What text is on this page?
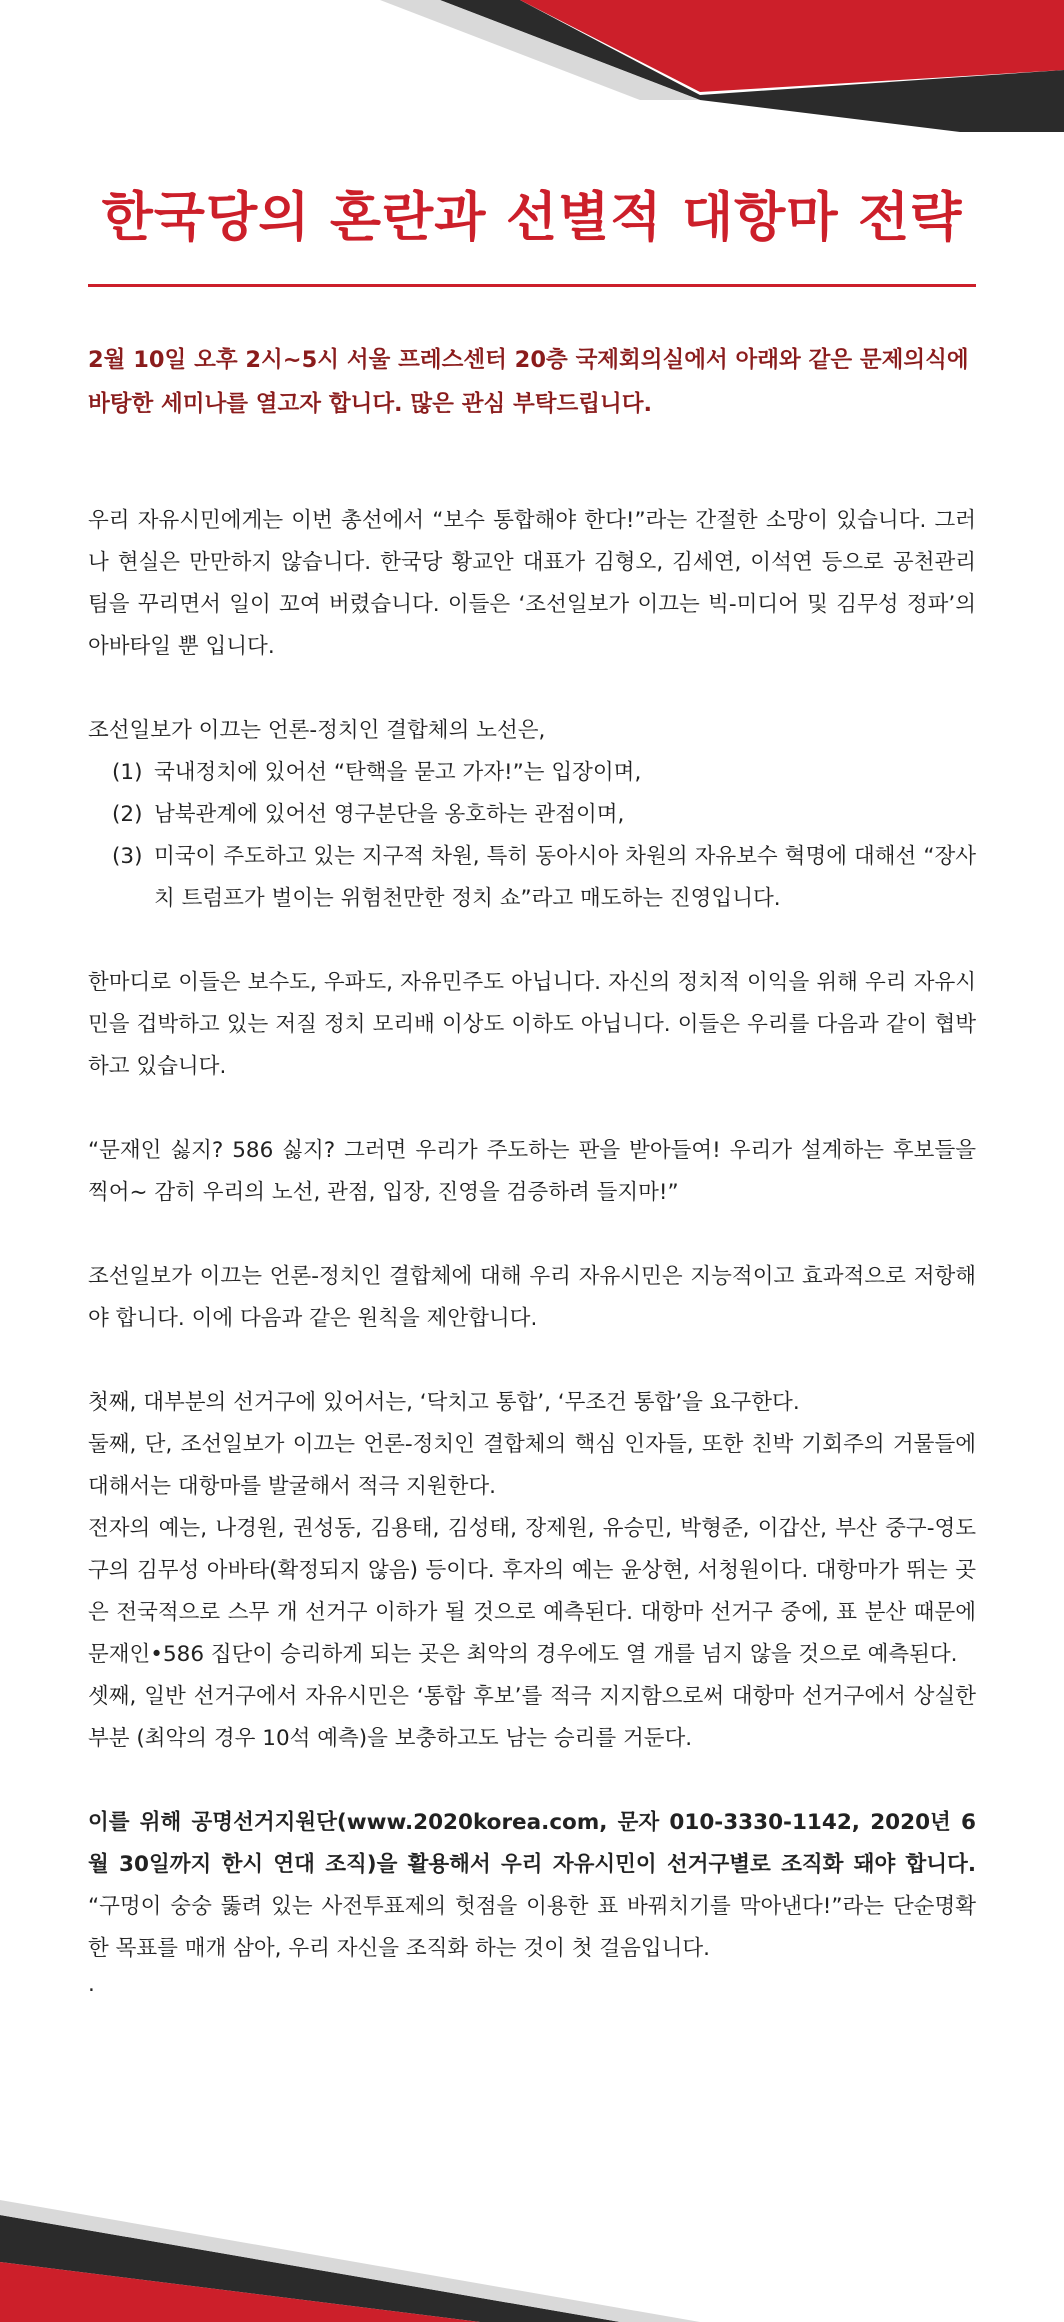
한국당의 혼란과 선별적 대항마 전략

2월 10일 오후 2시~5시 서울 프레스센터 20층 국제회의실에서 아래와 같은 문제의식에 바탕한 세미나를 열고자 합니다. 많은 관심 부탁드립니다.

우리 자유시민에게는 이번 총선에서 “보수 통합해야 한다!”라는 간절한 소망이 있습니다. 그러나 현실은 만만하지 않습니다. 한국당 황교안 대표가 김형오, 김세연, 이석연 등으로 공천관리 팀을 꾸리면서 일이 꼬여 버렸습니다. 이들은 ‘조선일보가 이끄는 빅-미디어 및 김무성 정파’의 아바타일 뿐 입니다.

조선일보가 이끄는 언론-정치인 결합체의 노선은,

(1) 국내정치에 있어선 “탄핵을 묻고 가자!”는 입장이며,
(2) 남북관계에 있어선 영구분단을 옹호하는 관점이며,
(3) 미국이 주도하고 있는 지구적 차원, 특히 동아시아 차원의 자유보수 혁명에 대해선 “장사치 트럼프가 벌이는 위험천만한 정치 쇼”라고 매도하는 진영입니다.

한마디로 이들은 보수도, 우파도, 자유민주도 아닙니다. 자신의 정치적 이익을 위해 우리 자유시민을 겁박하고 있는 저질 정치 모리배 이상도 이하도 아닙니다. 이들은 우리를 다음과 같이 협박하고 있습니다.

“문재인 싫지? 586 싫지? 그러면 우리가 주도하는 판을 받아들여! 우리가 설계하는 후보들을 찍어~ 감히 우리의 노선, 관점, 입장, 진영을 검증하려 들지마!”

조선일보가 이끄는 언론-정치인 결합체에 대해 우리 자유시민은 지능적이고 효과적으로 저항해야 합니다. 이에 다음과 같은 원칙을 제안합니다.

첫째, 대부분의 선거구에 있어서는, ‘닥치고 통합’, ‘무조건 통합’을 요구한다.

둘째, 단, 조선일보가 이끄는 언론-정치인 결합체의 핵심 인자들, 또한 친박 기회주의 거물들에 대해서는 대항마를 발굴해서 적극 지원한다.

전자의 예는, 나경원, 권성동, 김용태, 김성태, 장제원, 유승민, 박형준, 이갑산, 부산 중구-영도구의 김무성 아바타(확정되지 않음) 등이다. 후자의 예는 윤상현, 서청원이다. 대항마가 뛰는 곳은 전국적으로 스무 개 선거구 이하가 될 것으로 예측된다. 대항마 선거구 중에, 표 분산 때문에 문재인•586 집단이 승리하게 되는 곳은 최악의 경우에도 열 개를 넘지 않을 것으로 예측된다.

셋째, 일반 선거구에서 자유시민은 ‘통합 후보’를 적극 지지함으로써 대항마 선거구에서 상실한 부분 (최악의 경우 10석 예측)을 보충하고도 남는 승리를 거둔다.

이를 위해 공명선거지원단(www.2020korea.com, 문자 010-3330-1142, 2020년 6월 30일까지 한시 연대 조직)을 활용해서 우리 자유시민이 선거구별로 조직화 돼야 합니다. “구멍이 숭숭 뚫려 있는 사전투표제의 헛점을 이용한 표 바꿔치기를 막아낸다!”라는 단순명확한 목표를 매개 삼아, 우리 자신을 조직화 하는 것이 첫 걸음입니다.

.
